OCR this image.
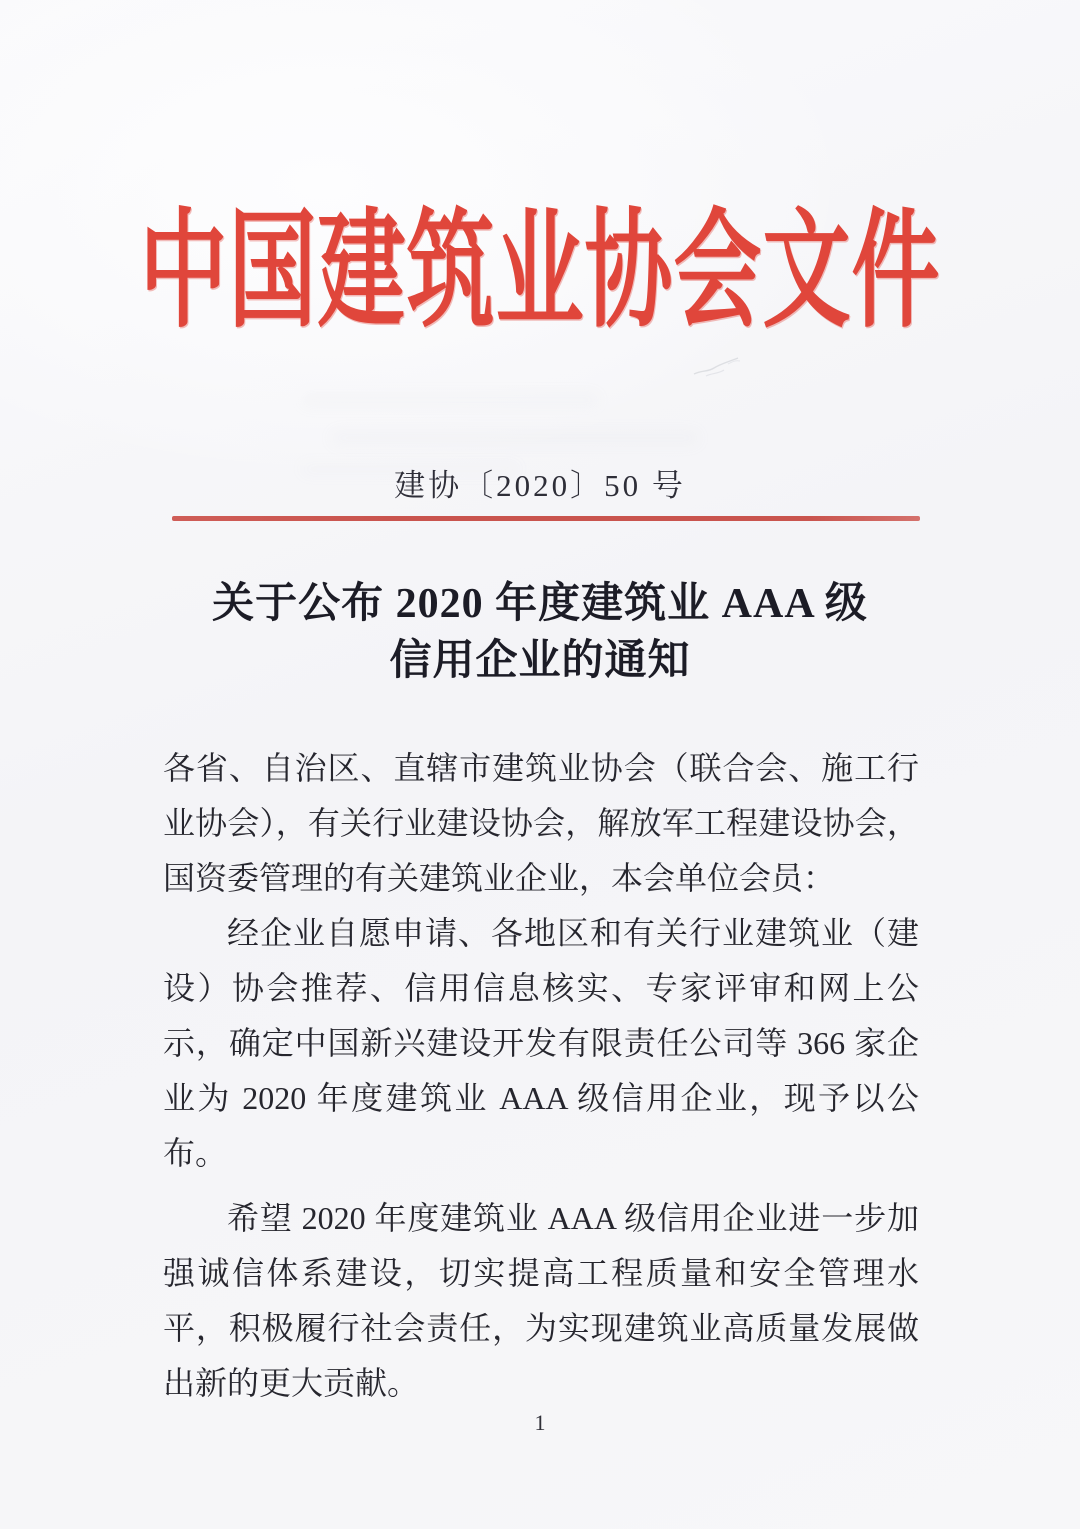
中国建筑业协会文件
建协〔2020〕50 号
关于公布 2020 年度建筑业 AAA 级
信用企业的通知

各省、自治区、直辖市建筑业协会（联合会、施工行业协会），有关行业建设协会，解放军工程建设协会，国资委管理的有关建筑业企业，本会单位会员：

经企业自愿申请、各地区和有关行业建筑业（建设）协会推荐、信用信息核实、专家评审和网上公示，确定中国新兴建设开发有限责任公司等 366 家企业为 2020 年度建筑业 AAA 级信用企业，现予以公布。

希望 2020 年度建筑业 AAA 级信用企业进一步加强诚信体系建设，切实提高工程质量和安全管理水平，积极履行社会责任，为实现建筑业高质量发展做出新的更大贡献。

1
